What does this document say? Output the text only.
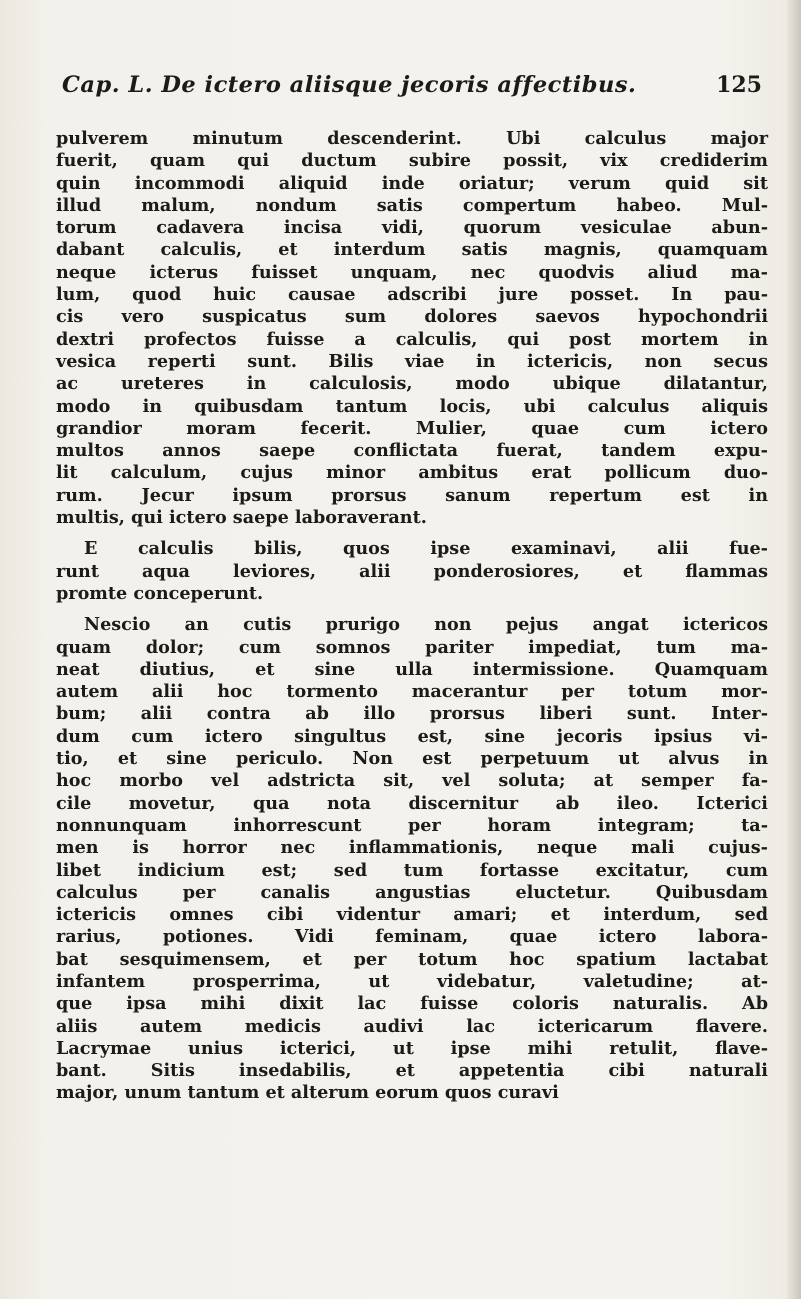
Cap. L. De ictero aliisque jecoris affectibus.	125
pulverem minutum descenderint. Ubi calculus major
fuerit, quam qui ductum subire possit, vix crediderim
quin incommodi aliquid inde oriatur; verum quid sit
illud malum, nondum satis compertum habeo. Mul-
torum cadavera incisa vidi, quorum vesiculae abun-
dabant calculis, et interdum satis magnis, quamquam
neque icterus fuisset unquam, nec quodvis aliud ma-
lum, quod huic causae adscribi jure posset. In pau-
cis vero suspicatus sum dolores saevos hypochondrii
dextri profectos fuisse a calculis, qui post mortem in
vesica reperti sunt. Bilis viae in ictericis, non secus
ac ureteres in calculosis, modo ubique dilatantur,
modo in quibusdam tantum locis, ubi calculus aliquis
grandior moram fecerit. Mulier, quae cum ictero
multos annos saepe conflictata fuerat, tandem expu-
lit calculum, cujus minor ambitus erat pollicum duo-
rum. Jecur ipsum prorsus sanum repertum est in
multis, qui ictero saepe laboraverant.
E calculis bilis, quos ipse examinavi, alii fue-
runt aqua leviores, alii ponderosiores, et flammas
promte conceperunt.
Nescio an cutis prurigo non pejus angat ictericos
quam dolor; cum somnos pariter impediat, tum ma-
neat diutius, et sine ulla intermissione. Quamquam
autem alii hoc tormento macerantur per totum mor-
bum; alii contra ab illo prorsus liberi sunt. Inter-
dum cum ictero singultus est, sine jecoris ipsius vi-
tio, et sine periculo. Non est perpetuum ut alvus in
hoc morbo vel adstricta sit, vel soluta; at semper fa-
cile movetur, qua nota discernitur ab ileo. Icterici
nonnunquam inhorrescunt per horam integram; ta-
men is horror nec inflammationis, neque mali cujus-
libet indicium est; sed tum fortasse excitatur, cum
calculus per canalis angustias eluctetur. Quibusdam
ictericis omnes cibi videntur amari; et interdum, sed
rarius, potiones. Vidi feminam, quae ictero labora-
bat sesquimensem, et per totum hoc spatium lactabat
infantem prosperrima, ut videbatur, valetudine; at-
que ipsa mihi dixit lac fuisse coloris naturalis. Ab
aliis autem medicis audivi lac ictericarum flavere.
Lacrymae unius icterici, ut ipse mihi retulit, flave-
bant. Sitis insedabilis, et appetentia cibi naturali
major, unum tantum et alterum eorum quos curavi
